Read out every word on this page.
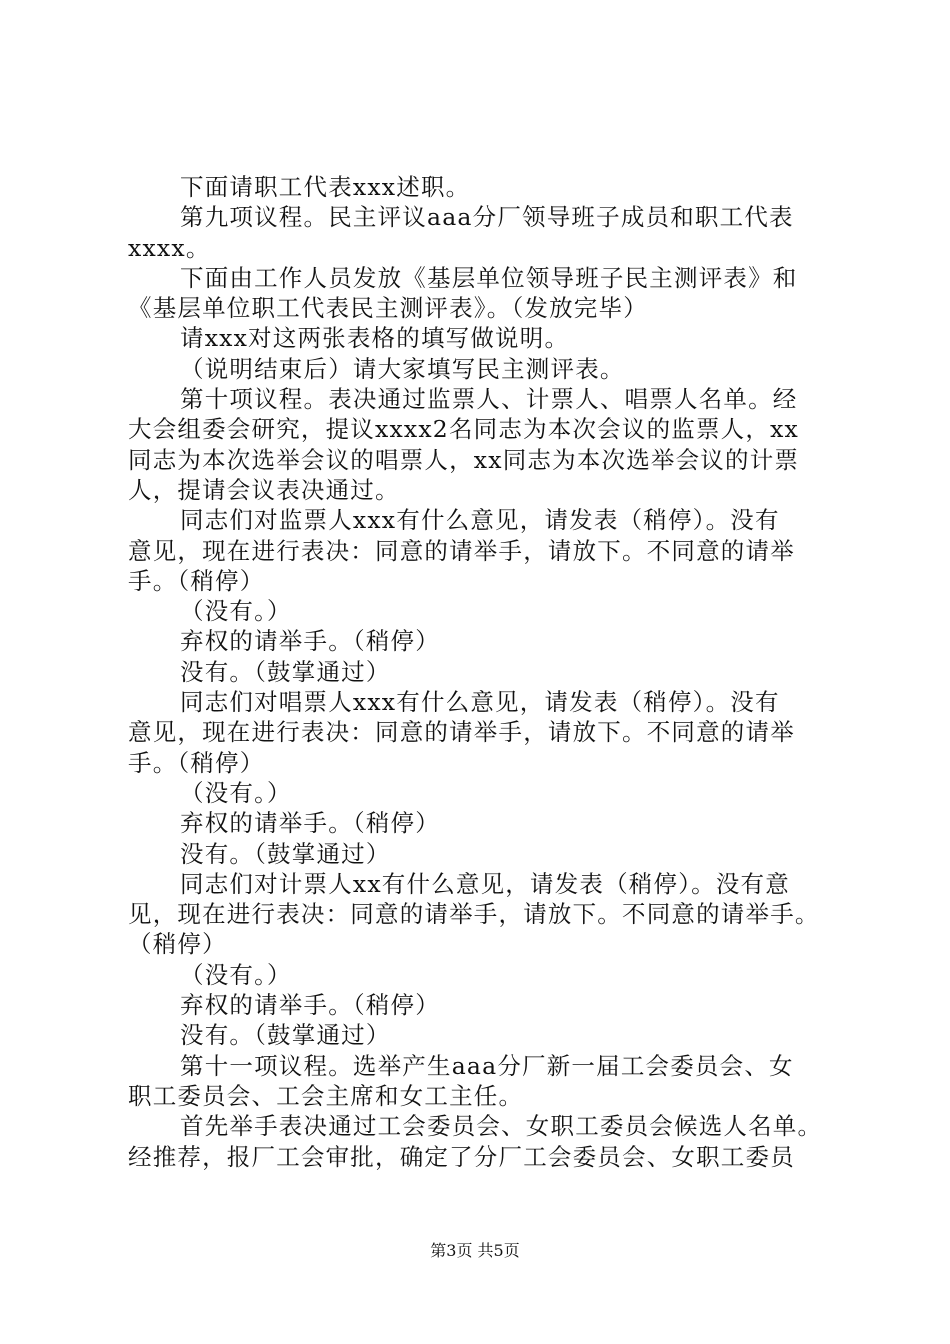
下面请职工代表xxx述职。

第九项议程。民主评议aaa分厂领导班子成员和职工代表

xxxx。

下面由工作人员发放《基层单位领导班子民主测评表》和

《基层单位职工代表民主测评表》。（发放完毕）

请xxx对这两张表格的填写做说明。

（说明结束后）请大家填写民主测评表。

第十项议程。表决通过监票人、计票人、唱票人名单。经

大会组委会研究，提议xxxx2名同志为本次会议的监票人，xx

同志为本次选举会议的唱票人，xx同志为本次选举会议的计票

人，提请会议表决通过。

同志们对监票人xxx有什么意见，请发表（稍停）。没有

意见，现在进行表决：同意的请举手，请放下。不同意的请举

手。（稍停）

（没有。）

弃权的请举手。（稍停）

没有。（鼓掌通过）

同志们对唱票人xxx有什么意见，请发表（稍停）。没有

意见，现在进行表决：同意的请举手，请放下。不同意的请举

手。（稍停）

（没有。）

弃权的请举手。（稍停）

没有。（鼓掌通过）

同志们对计票人xx有什么意见，请发表（稍停）。没有意

见，现在进行表决：同意的请举手，请放下。不同意的请举手。

（稍停）

（没有。）

弃权的请举手。（稍停）

没有。（鼓掌通过）

第十一项议程。选举产生aaa分厂新一届工会委员会、女

职工委员会、工会主席和女工主任。

首先举手表决通过工会委员会、女职工委员会候选人名单。

经推荐，报厂工会审批，确定了分厂工会委员会、女职工委员

第3页 共5页
